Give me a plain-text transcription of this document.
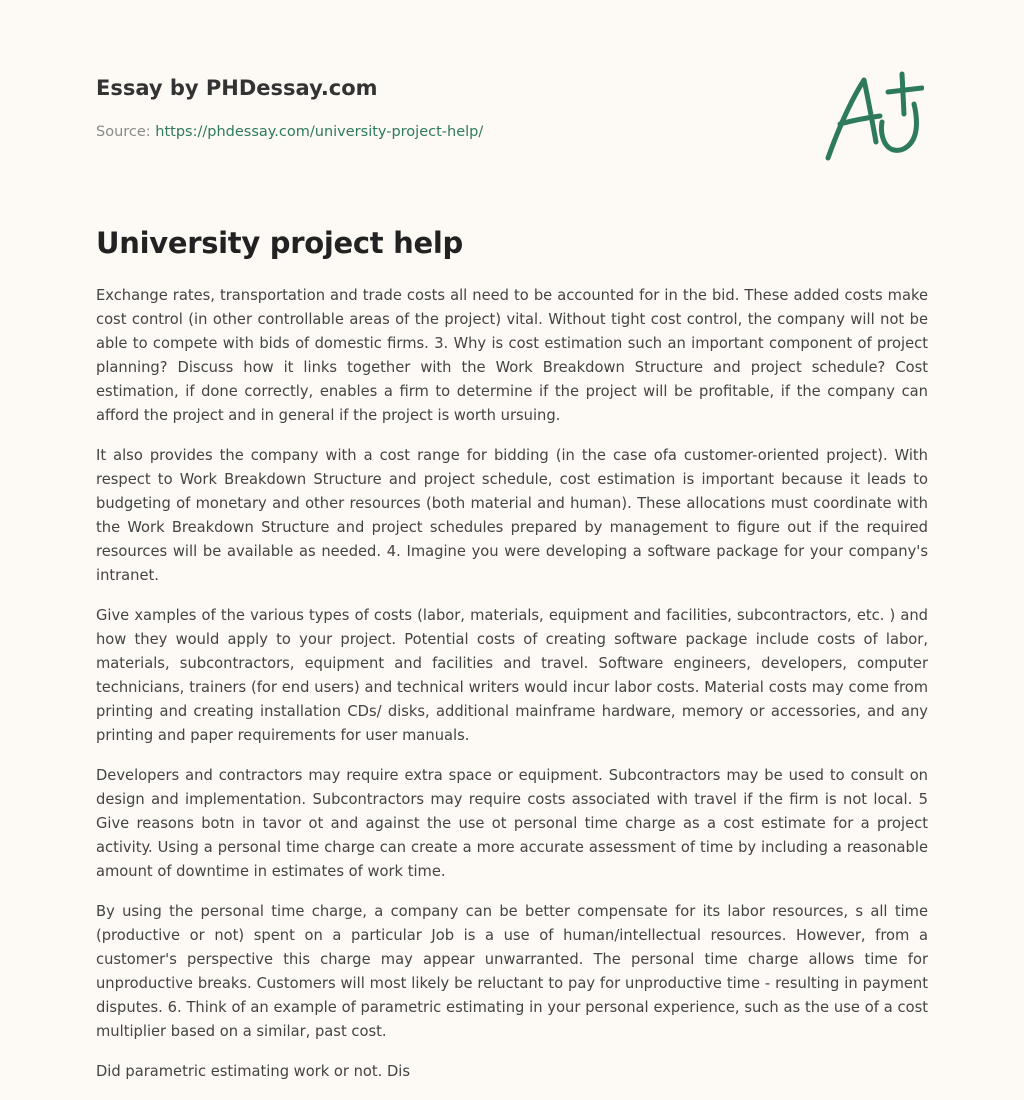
Essay by PHDessay.com

Source: https://phdessay.com/university-project-help/

University project help

Exchange rates, transportation and trade costs all need to be accounted for in the bid. These added costs make cost control (in other controllable areas of the project) vital. Without tight cost control, the company will not be able to compete with bids of domestic firms. 3. Why is cost estimation such an important component of project planning? Discuss how it links together with the Work Breakdown Structure and project schedule? Cost estimation, if done correctly, enables a firm to determine if the project will be profitable, if the company can afford the project and in general if the project is worth ursuing.

It also provides the company with a cost range for bidding (in the case ofa customer-oriented project). With respect to Work Breakdown Structure and project schedule, cost estimation is important because it leads to budgeting of monetary and other resources (both material and human). These allocations must coordinate with the Work Breakdown Structure and project schedules prepared by management to figure out if the required resources will be available as needed. 4. Imagine you were developing a software package for your company's intranet.

Give xamples of the various types of costs (labor, materials, equipment and facilities, subcontractors, etc. ) and how they would apply to your project. Potential costs of creating software package include costs of labor, materials, subcontractors, equipment and facilities and travel. Software engineers, developers, computer technicians, trainers (for end users) and technical writers would incur labor costs. Material costs may come from printing and creating installation CDs/ disks, additional mainframe hardware, memory or accessories, and any printing and paper requirements for user manuals.

Developers and contractors may require extra space or equipment. Subcontractors may be used to consult on design and implementation. Subcontractors may require costs associated with travel if the firm is not local. 5 Give reasons botn in tavor ot and against the use ot personal time charge as a cost estimate for a project activity. Using a personal time charge can create a more accurate assessment of time by including a reasonable amount of downtime in estimates of work time.

By using the personal time charge, a company can be better compensate for its labor resources, s all time (productive or not) spent on a particular Job is a use of human/intellectual resources. However, from a customer's perspective this charge may appear unwarranted. The personal time charge allows time for unproductive breaks. Customers will most likely be reluctant to pay for unproductive time - resulting in payment disputes. 6. Think of an example of parametric estimating in your personal experience, such as the use of a cost multiplier based on a similar, past cost.

Did parametric estimating work or not. Dis
